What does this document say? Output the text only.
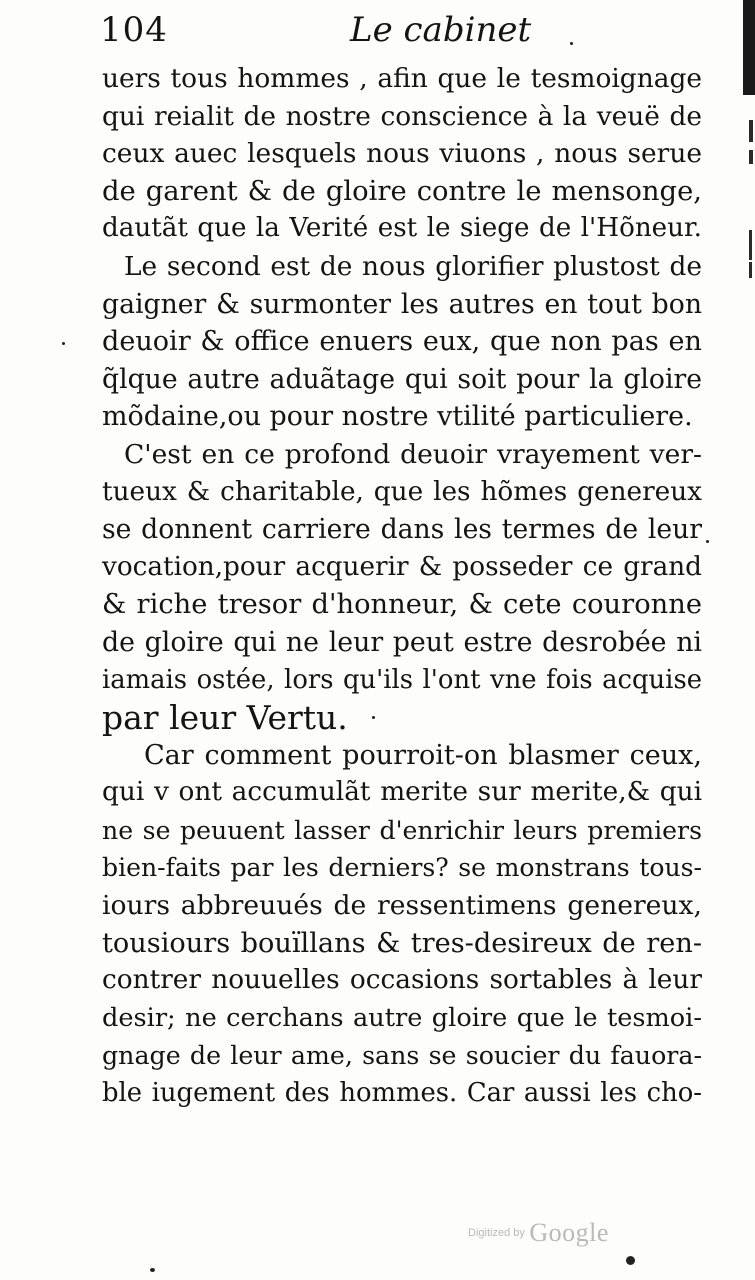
104	Le cabinet
uers tous hommes , afin que le tesmoignage
qui reialit de nostre conscience à la veuë de
ceux auec lesquels nous viuons , nous serue
de garent & de gloire contre le mensonge,
dautãt que la Verité est le siege de l'Hõneur.
Le second est de nous glorifier plustost de
gaigner & surmonter les autres en tout bon
deuoir & office enuers eux, que non pas en
q̃lque autre aduãtage qui soit pour la gloire
mõdaine,ou pour nostre vtilité particuliere.
C'est en ce profond deuoir vrayement ver-
tueux & charitable, que les hõmes genereux
se donnent carriere dans les termes de leur
vocation,pour acquerir & posseder ce grand
& riche tresor d'honneur, & cete couronne
de gloire qui ne leur peut estre desrobée ni
iamais ostée, lors qu'ils l'ont vne fois acquise
par leur Vertu.
Car comment pourroit-on blasmer ceux,
qui v ont accumulãt merite sur merite,& qui
ne se peuuent lasser d'enrichir leurs premiers
bien-faits par les derniers? se monstrans tous-
iours abbreuués de ressentimens genereux,
tousiours bouïllans & tres-desireux de ren-
contrer nouuelles occasions sortables à leur
desir; ne cerchans autre gloire que le tesmoi-
gnage de leur ame, sans se soucier du fauora-
ble iugement des hommes. Car aussi les cho-
Digitized by Google
